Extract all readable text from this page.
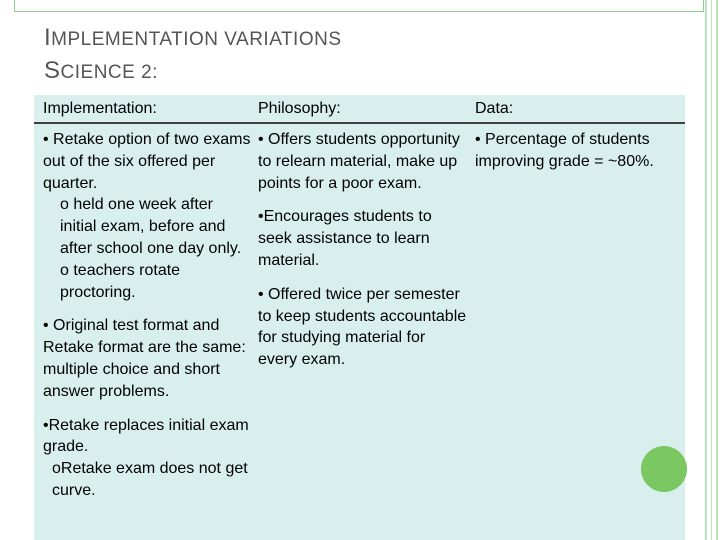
IMPLEMENTATION VARIATIONS
SCIENCE 2:
Implementation:	Philosophy:	Data:
• Retake option of two exams out of the six offered per quarter.
o held one week after initial exam, before and after school one day only.
o teachers rotate proctoring.
• Original test format and Retake format are the same: multiple choice and short answer problems.
•Retake replaces initial exam grade.
oRetake exam does not get curve.
• Offers students opportunity to relearn material, make up points for a poor exam.
•Encourages students to seek assistance to learn material.
• Offered twice per semester to keep students accountable for studying material for every exam.
• Percentage of students improving grade = ~80%.
